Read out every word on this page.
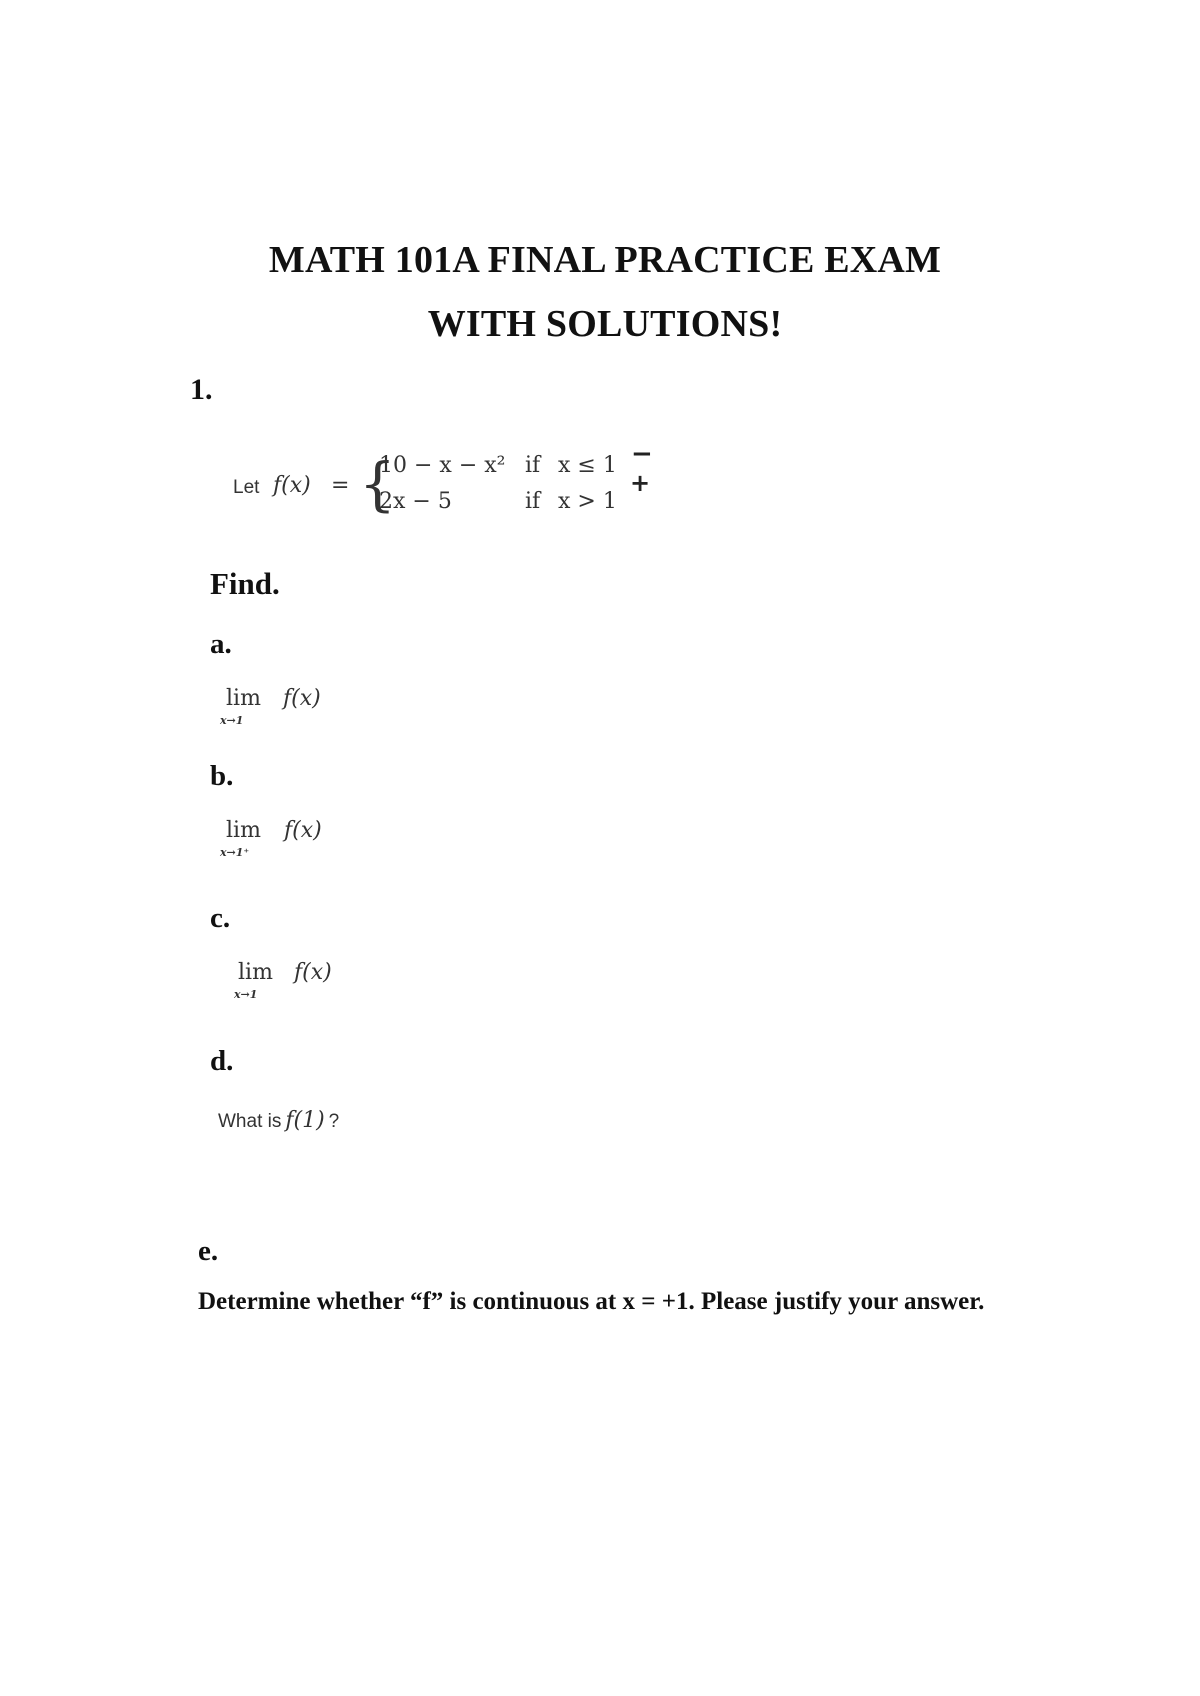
MATH 101A FINAL PRACTICE EXAM
WITH SOLUTIONS!
1.
Let f(x) = {
10 − x − x² if x ≤ 1
2x − 5	if x > 1
−
+
Find.
a.
lim
x→1
f(x)
b.
lim
x→1⁺
f(x)
c.
lim
x→1
f(x)
d.
What is f(1) ?
e.
Determine whether “f” is continuous at x = +1. Please justify your answer.
